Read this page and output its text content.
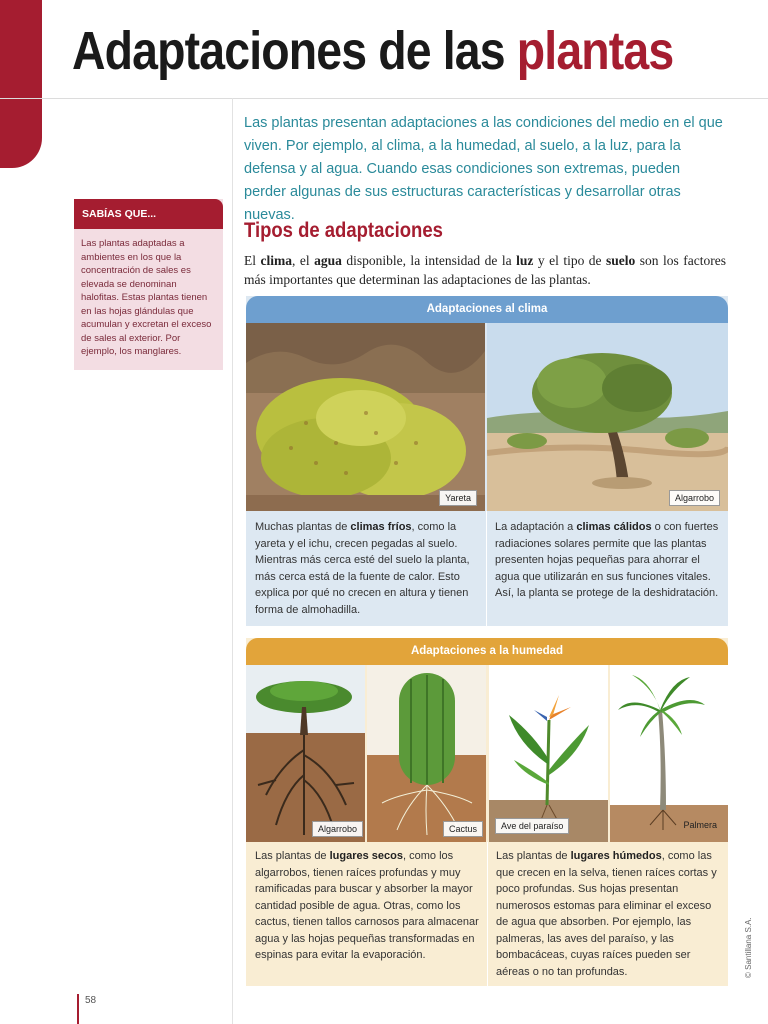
Adaptaciones de las plantas

Las plantas presentan adaptaciones a las condiciones del medio en el que viven. Por ejemplo, al clima, a la humedad, al suelo, a la luz, para la defensa y al agua. Cuando esas condiciones son extremas, pueden perder algunas de sus estructuras características y desarrollar otras nuevas.

SABÍAS QUE...

Las plantas adaptadas a ambientes en los que la concentración de sales es elevada se denominan halofitas. Estas plantas tienen en las hojas glándulas que acumulan y excretan el exceso de sales al exterior. Por ejemplo, los manglares.

Tipos de adaptaciones

El clima, el agua disponible, la intensidad de la luz y el tipo de suelo son los factores más importantes que determinan las adaptaciones de las plantas.

Adaptaciones al clima
Yareta	Algarrobo

Muchas plantas de climas fríos, como la yareta y el ichu, crecen pegadas al suelo. Mientras más cerca esté del suelo la planta, más cerca está de la fuente de calor. Esto explica por qué no crecen en altura y tienen forma de almohadilla.

La adaptación a climas cálidos o con fuertes radiaciones solares permite que las plantas presenten hojas pequeñas para ahorrar el agua que utilizarán en sus funciones vitales. Así, la planta se protege de la deshidratación.

Adaptaciones a la humedad
Algarrobo	Cactus	Ave del paraíso	Palmera

Las plantas de lugares secos, como los algarrobos, tienen raíces profundas y muy ramificadas para buscar y absorber la mayor cantidad posible de agua. Otras, como los cactus, tienen tallos carnosos para almacenar agua y las hojas pequeñas transformadas en espinas para evitar la evaporación.

Las plantas de lugares húmedos, como las que crecen en la selva, tienen raíces cortas y poco profundas. Sus hojas presentan numerosos estomas para eliminar el exceso de agua que absorben. Por ejemplo, las palmeras, las aves del paraíso, y las bombacáceas, cuyas raíces pueden ser aéreas o no tan profundas.	© Santillana S.A.
58
